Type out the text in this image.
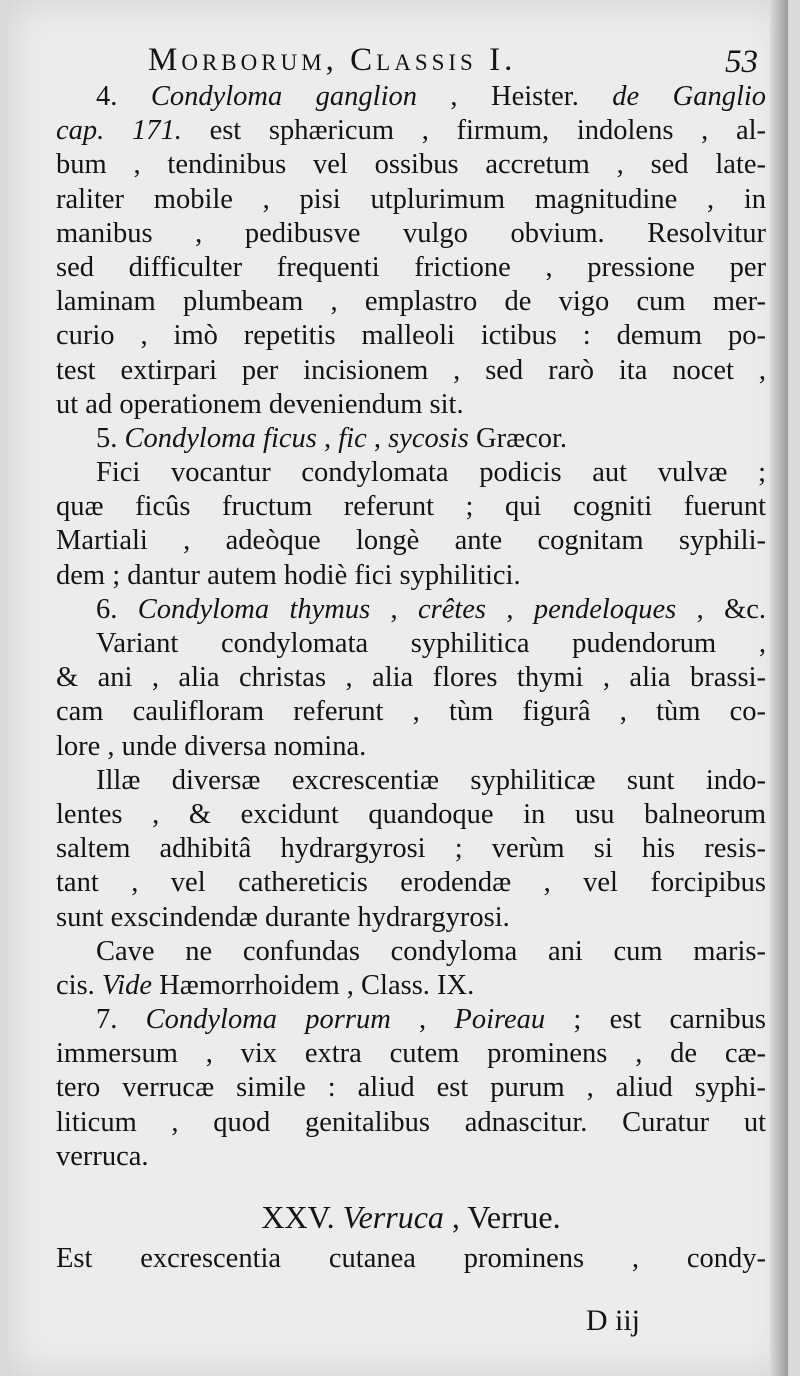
Morborum, Classis I.	53
4. Condyloma ganglion , Heister. de Ganglio
cap. 171. est sphæricum , firmum, indolens , al-
bum , tendinibus vel ossibus accretum , sed late-
raliter mobile , pisi utplurimum magnitudine , in
manibus , pedibusve vulgo obvium. Resolvitur
sed difficulter frequenti frictione , pressione per
laminam plumbeam , emplastro de vigo cum mer-
curio , imò repetitis malleoli ictibus : demum po-
test extirpari per incisionem , sed rarò ita nocet ,
ut ad operationem deveniendum sit.
5. Condyloma ficus , fic , sycosis Græcor.
Fici vocantur condylomata podicis aut vulvæ ;
quæ ficûs fructum referunt ; qui cogniti fuerunt
Martiali , adeòque longè ante cognitam syphili-
dem ; dantur autem hodiè fici syphilitici.
6. Condyloma thymus , crêtes , pendeloques , &c.
Variant condylomata syphilitica pudendorum ,
& ani , alia christas , alia flores thymi , alia brassi-
cam caulifloram referunt , tùm figurâ , tùm co-
lore , unde diversa nomina.
Illæ diversæ excrescentiæ syphiliticæ sunt indo-
lentes , & excidunt quandoque in usu balneorum
saltem adhibitâ hydrargyrosi ; verùm si his resis-
tant , vel cathereticis erodendæ , vel forcipibus
sunt exscindendæ durante hydrargyrosi.
Cave ne confundas condyloma ani cum maris-
cis. Vide Hæmorrhoidem , Class. IX.
7. Condyloma porrum , Poireau ; est carnibus
immersum , vix extra cutem prominens , de cæ-
tero verrucæ simile : aliud est purum , aliud syphi-
liticum , quod genitalibus adnascitur. Curatur ut
verruca.
XXV. Verruca , Verrue.
Est excrescentia cutanea prominens , condy-
D iij
